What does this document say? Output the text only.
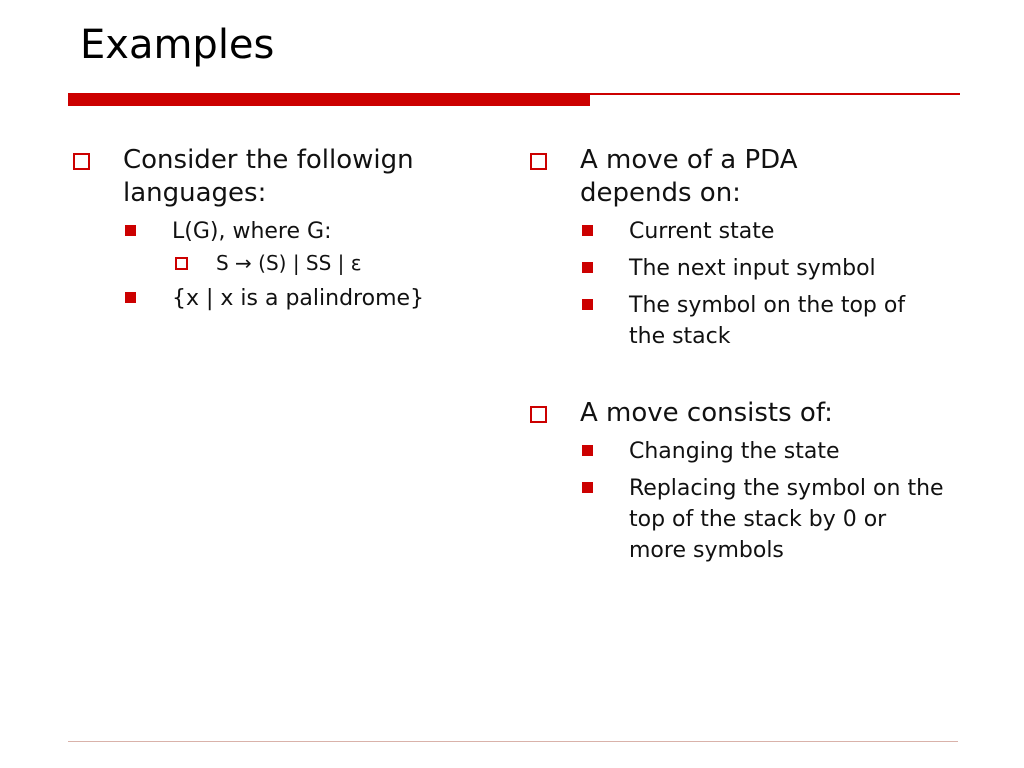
Examples
Consider the followign languages:
L(G), where G:
S → (S) | SS | ε
{x | x is a palindrome}
A move of a PDA depends on:
Current state
The next input symbol
The symbol on the top of the stack
A move consists of:
Changing the state
Replacing the symbol on the top of the stack by 0 or more symbols
